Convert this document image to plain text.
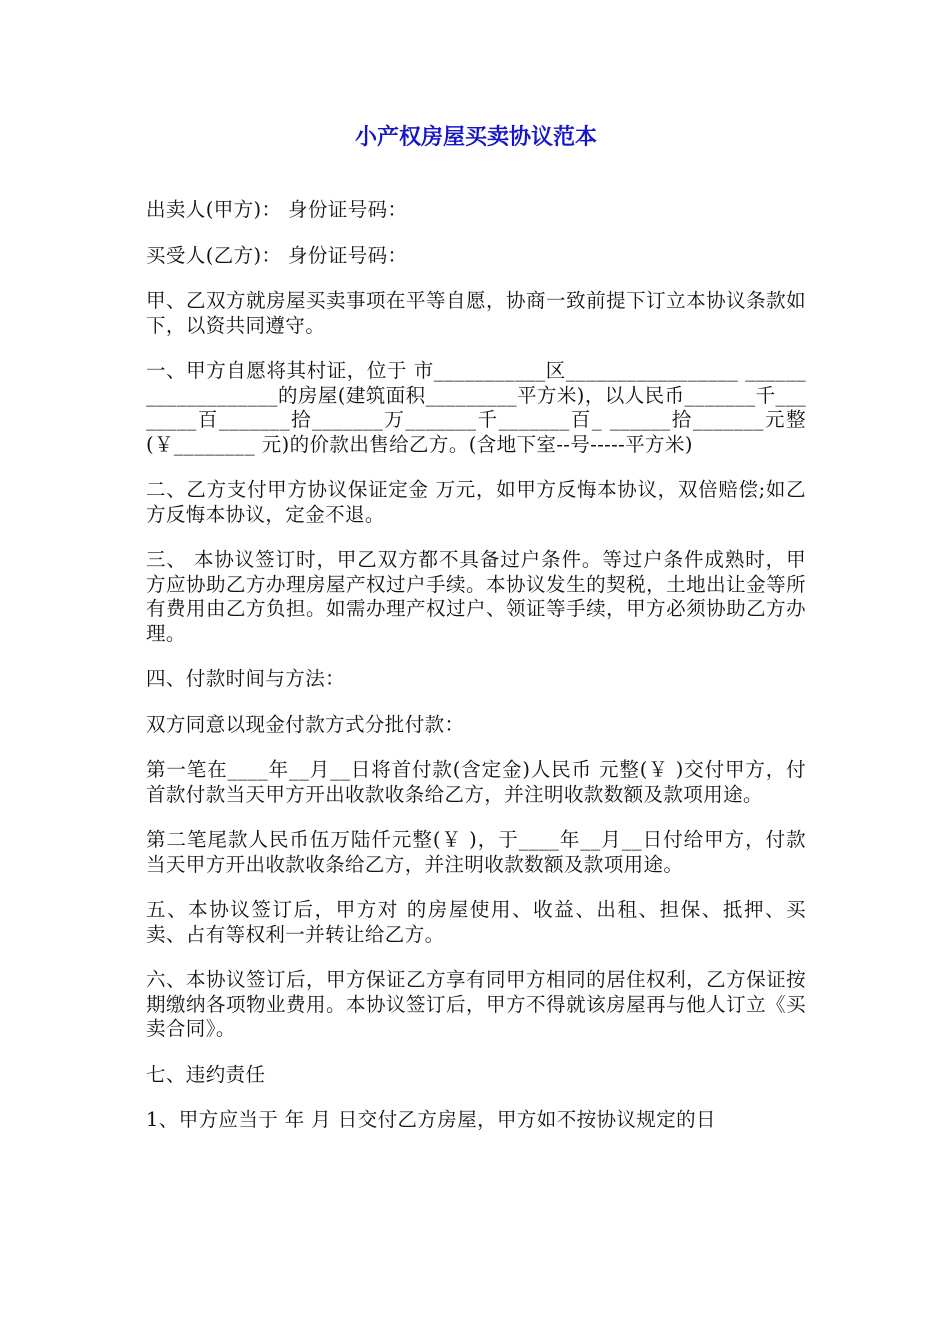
小产权房屋买卖协议范本

出卖人(甲方)： 身份证号码：

买受人(乙方)： 身份证号码：

甲、乙双方就房屋买卖事项在平等自愿，协商一致前提下订立本协议条款如下，以资共同遵守。

一、甲方自愿将其村证，位于 市___________区_________________ ___________________的房屋(建筑面积_________平方米)，以人民币_______千________百_______拾_______万_______千_______百_ ______拾_______元整(￥________ 元)的价款出售给乙方。(含地下室--号-----平方米)

二、乙方支付甲方协议保证定金 万元，如甲方反悔本协议，双倍赔偿;如乙方反悔本协议，定金不退。

三、 本协议签订时，甲乙双方都不具备过户条件。等过户条件成熟时，甲方应协助乙方办理房屋产权过户手续。本协议发生的契税，土地出让金等所有费用由乙方负担。如需办理产权过户、领证等手续，甲方必须协助乙方办理。

四、付款时间与方法：

双方同意以现金付款方式分批付款：

第一笔在____年__月__日将首付款(含定金)人民币 元整(￥ )交付甲方，付首款付款当天甲方开出收款收条给乙方，并注明收款数额及款项用途。

第二笔尾款人民币伍万陆仟元整(￥ )，于____年__月__日付给甲方，付款当天甲方开出收款收条给乙方，并注明收款数额及款项用途。

五、本协议签订后，甲方对 的房屋使用、收益、出租、担保、抵押、买卖、占有等权利一并转让给乙方。

六、本协议签订后，甲方保证乙方享有同甲方相同的居住权利，乙方保证按期缴纳各项物业费用。本协议签订后，甲方不得就该房屋再与他人订立《买卖合同》。

七、违约责任

1、甲方应当于 年 月 日交付乙方房屋，甲方如不按协议规定的日
